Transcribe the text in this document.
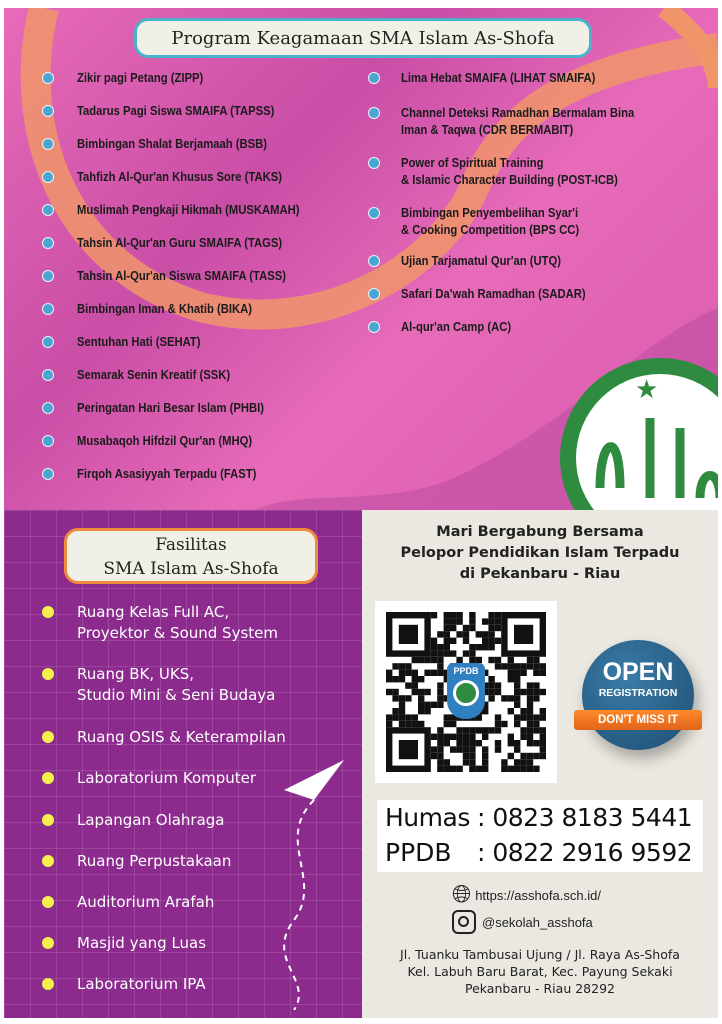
★
Program Keagamaan SMA Islam As-Shofa
Zikir pagi Petang (ZIPP)
Tadarus Pagi Siswa SMAIFA (TAPSS)
Bimbingan Shalat Berjamaah (BSB)
Tahfizh Al-Qur'an Khusus Sore (TAKS)
Muslimah Pengkaji Hikmah (MUSKAMAH)
Tahsin Al-Qur'an Guru SMAIFA (TAGS)
Tahsin Al-Qur'an Siswa SMAIFA (TASS)
Bimbingan Iman & Khatib (BIKA)
Sentuhan Hati (SEHAT)
Semarak Senin Kreatif (SSK)
Peringatan Hari Besar Islam (PHBI)
Musabaqoh Hifdzil Qur'an (MHQ)
Firqoh Asasiyyah Terpadu (FAST)
Lima Hebat SMAIFA (LIHAT SMAIFA)
Channel Deteksi Ramadhan Bermalam Bina
Iman & Taqwa (CDR BERMABIT)
Power of Spiritual Training
& Islamic Character Building (POST-ICB)
Bimbingan Penyembelihan Syar'i
& Cooking Competition (BPS CC)
Ujian Tarjamatul Qur'an (UTQ)
Safari Da'wah Ramadhan (SADAR)
Al-qur'an Camp (AC)
Fasilitas
SMA Islam As-Shofa
Ruang Kelas Full AC,
Proyektor & Sound System
Ruang BK, UKS,
Studio Mini & Seni Budaya
Ruang OSIS & Keterampilan
Laboratorium Komputer
Lapangan Olahraga
Ruang Perpustakaan
Auditorium Arafah
Masjid yang Luas
Laboratorium IPA
Mari Bergabung Bersama
Pelopor Pendidikan Islam Terpadu
di Pekanbaru - Riau
PPDB	OPEN
REGISTRATION
DON'T MISS IT
Humas : 0823 8183 5441
PPDB	: 0822 2916 9592
🌐︎ https://asshofa.sch.id/
@sekolah_asshofa
Jl. Tuanku Tambusai Ujung / Jl. Raya As-Shofa
Kel. Labuh Baru Barat, Kec. Payung Sekaki
Pekanbaru - Riau 28292
